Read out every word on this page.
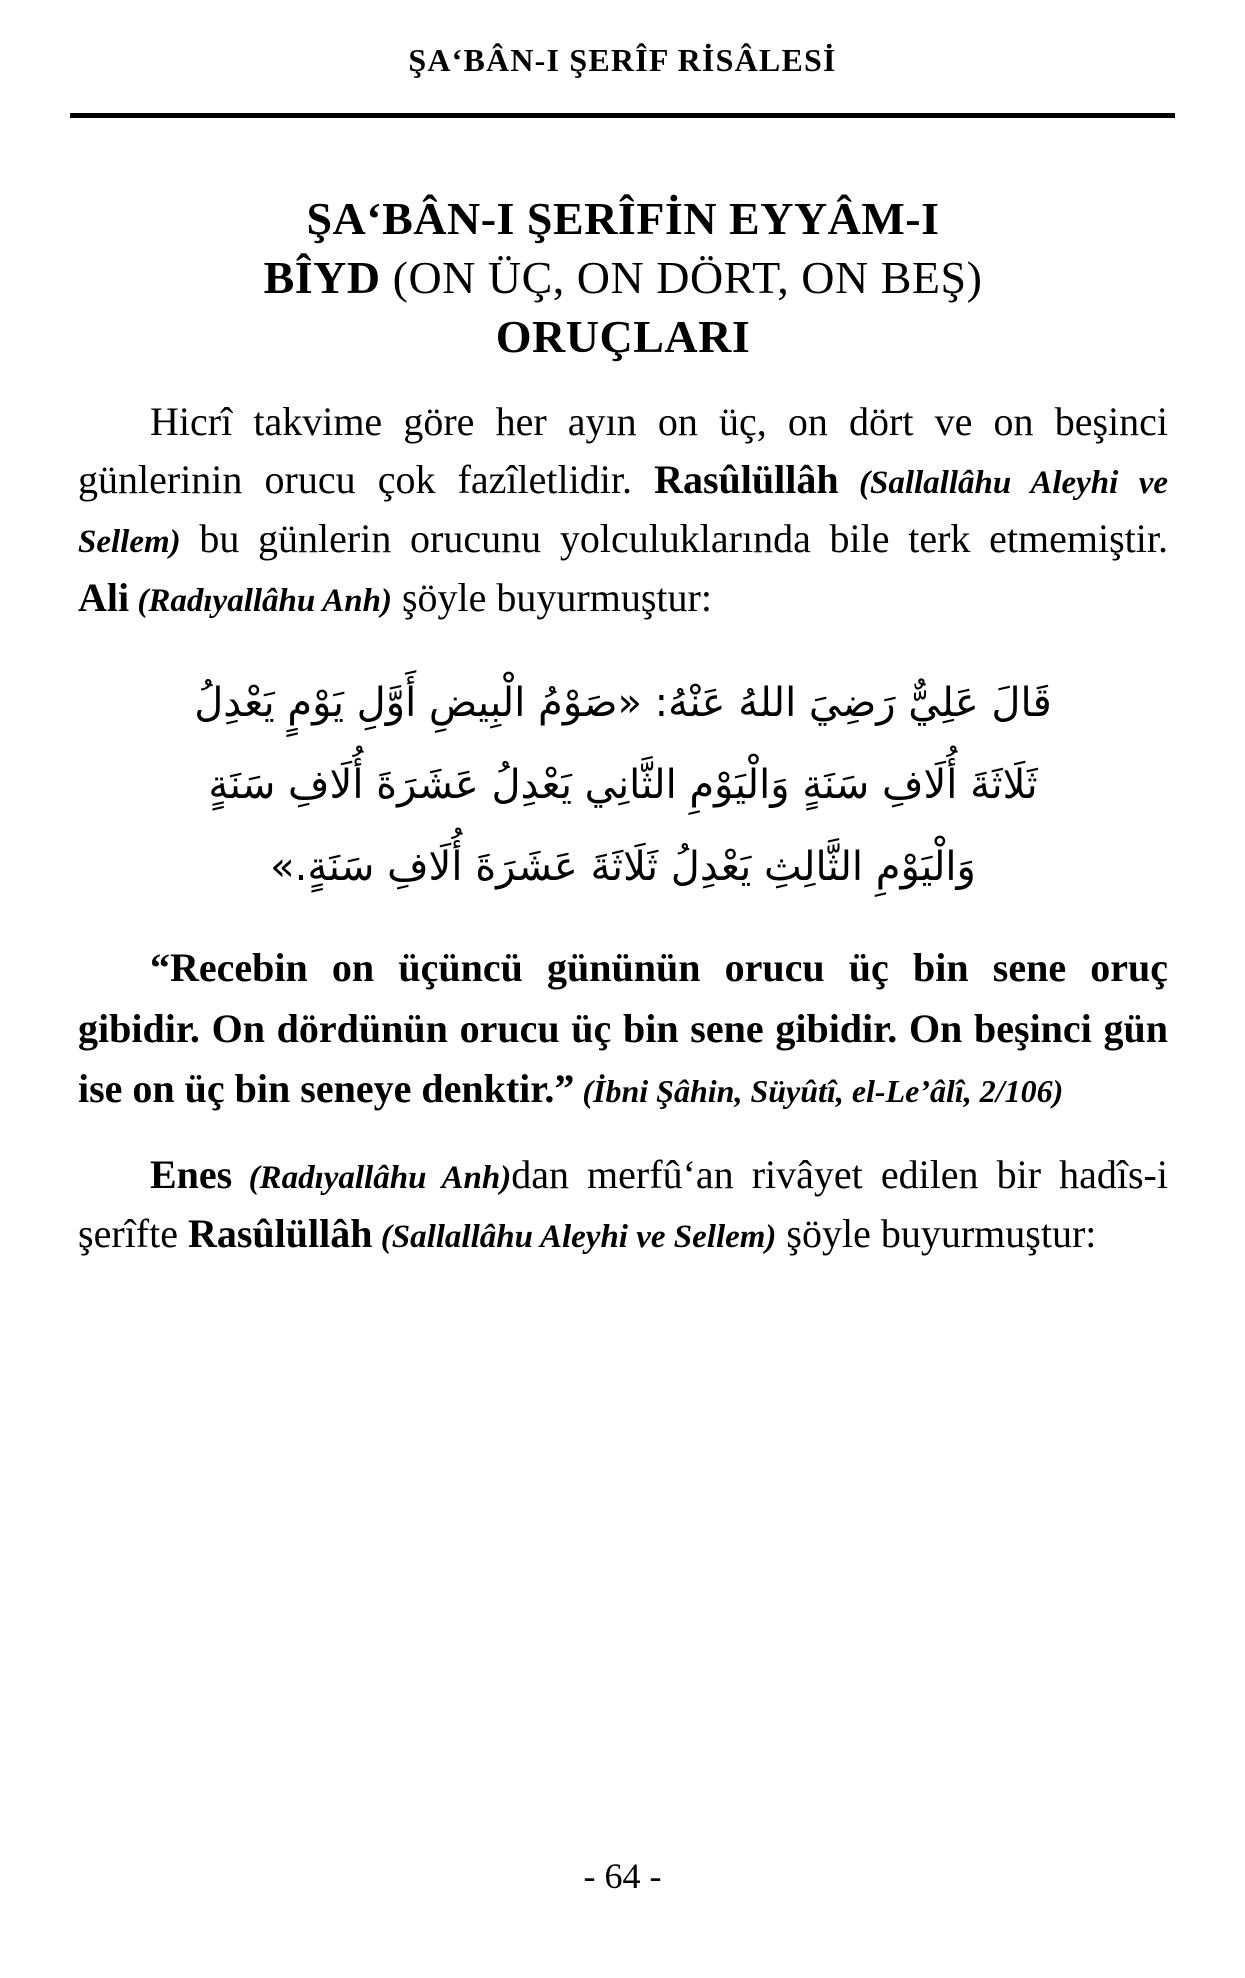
ŞA‘BÂN-I ŞERÎF RİSÂLESİ
ŞA‘BÂN-I ŞERÎFİN EYYÂM-I
BÎYD (ON ÜÇ, ON DÖRT, ON BEŞ)
ORUÇLARI

Hicrî takvime göre her ayın on üç, on dört ve on beşinci günlerinin orucu çok fazîletlidir. Rasûlüllâh (Sallallâhu Aleyhi ve Sellem) bu günlerin orucunu yolculuklarında bile terk etmemiştir. Ali (Radıyallâhu Anh) şöyle buyurmuştur:

قَالَ عَلِيٌّ رَضِيَ اللهُ عَنْهُ: «صَوْمُ الْبِيضِ أَوَّلِ يَوْمٍ يَعْدِلُ
ثَلَاثَةَ أُلَافِ سَنَةٍ وَالْيَوْمِ الثَّانِي يَعْدِلُ عَشَرَةَ أُلَافِ سَنَةٍ
وَالْيَوْمِ الثَّالِثِ يَعْدِلُ ثَلَاثَةَ عَشَرَةَ أُلَافِ سَنَةٍ.»

“Recebin on üçüncü gününün orucu üç bin sene oruç gibidir. On dördünün orucu üç bin sene gibidir. On beşinci gün ise on üç bin seneye denktir.” (İbni Şâhin, Süyûtî, el-Le’âlî, 2/106)

Enes (Radıyallâhu Anh)dan merfû‘an rivâyet edilen bir hadîs-i şerîfte Rasûlüllâh (Sallallâhu Aleyhi ve Sellem) şöyle buyurmuştur:

- 64 -
